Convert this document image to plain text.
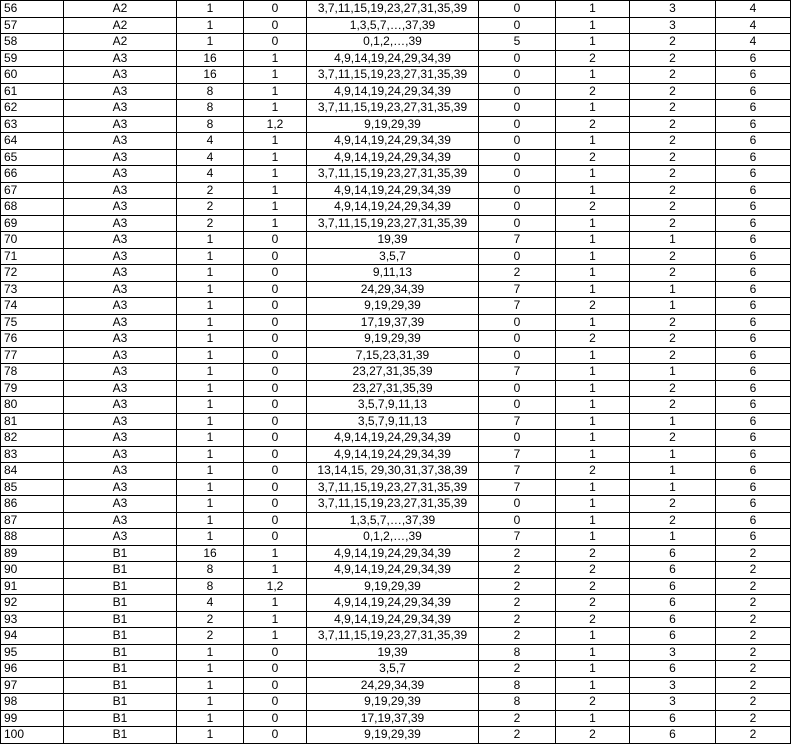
56	A2	1	0	3,7,11,15,19,23,27,31,35,39	0	1	3	4
57	A2	1	0	1,3,5,7,…,37,39	0	1	3	4
58	A2	1	0	0,1,2,…,39	5	1	2	4
59	A3	16	1	4,9,14,19,24,29,34,39	0	2	2	6
60	A3	16	1	3,7,11,15,19,23,27,31,35,39	0	1	2	6
61	A3	8	1	4,9,14,19,24,29,34,39	0	2	2	6
62	A3	8	1	3,7,11,15,19,23,27,31,35,39	0	1	2	6
63	A3	8	1,2	9,19,29,39	0	2	2	6
64	A3	4	1	4,9,14,19,24,29,34,39	0	1	2	6
65	A3	4	1	4,9,14,19,24,29,34,39	0	2	2	6
66	A3	4	1	3,7,11,15,19,23,27,31,35,39	0	1	2	6
67	A3	2	1	4,9,14,19,24,29,34,39	0	1	2	6
68	A3	2	1	4,9,14,19,24,29,34,39	0	2	2	6
69	A3	2	1	3,7,11,15,19,23,27,31,35,39	0	1	2	6
70	A3	1	0	19,39	7	1	1	6
71	A3	1	0	3,5,7	0	1	2	6
72	A3	1	0	9,11,13	2	1	2	6
73	A3	1	0	24,29,34,39	7	1	1	6
74	A3	1	0	9,19,29,39	7	2	1	6
75	A3	1	0	17,19,37,39	0	1	2	6
76	A3	1	0	9,19,29,39	0	2	2	6
77	A3	1	0	7,15,23,31,39	0	1	2	6
78	A3	1	0	23,27,31,35,39	7	1	1	6
79	A3	1	0	23,27,31,35,39	0	1	2	6
80	A3	1	0	3,5,7,9,11,13	0	1	2	6
81	A3	1	0	3,5,7,9,11,13	7	1	1	6
82	A3	1	0	4,9,14,19,24,29,34,39	0	1	2	6
83	A3	1	0	4,9,14,19,24,29,34,39	7	1	1	6
84	A3	1	0	13,14,15, 29,30,31,37,38,39	7	2	1	6
85	A3	1	0	3,7,11,15,19,23,27,31,35,39	7	1	1	6
86	A3	1	0	3,7,11,15,19,23,27,31,35,39	0	1	2	6
87	A3	1	0	1,3,5,7,…,37,39	0	1	2	6
88	A3	1	0	0,1,2,…,39	7	1	1	6
89	B1	16	1	4,9,14,19,24,29,34,39	2	2	6	2
90	B1	8	1	4,9,14,19,24,29,34,39	2	2	6	2
91	B1	8	1,2	9,19,29,39	2	2	6	2
92	B1	4	1	4,9,14,19,24,29,34,39	2	2	6	2
93	B1	2	1	4,9,14,19,24,29,34,39	2	2	6	2
94	B1	2	1	3,7,11,15,19,23,27,31,35,39	2	1	6	2
95	B1	1	0	19,39	8	1	3	2
96	B1	1	0	3,5,7	2	1	6	2
97	B1	1	0	24,29,34,39	8	1	3	2
98	B1	1	0	9,19,29,39	8	2	3	2
99	B1	1	0	17,19,37,39	2	1	6	2
100	B1	1	0	9,19,29,39	2	2	6	2
